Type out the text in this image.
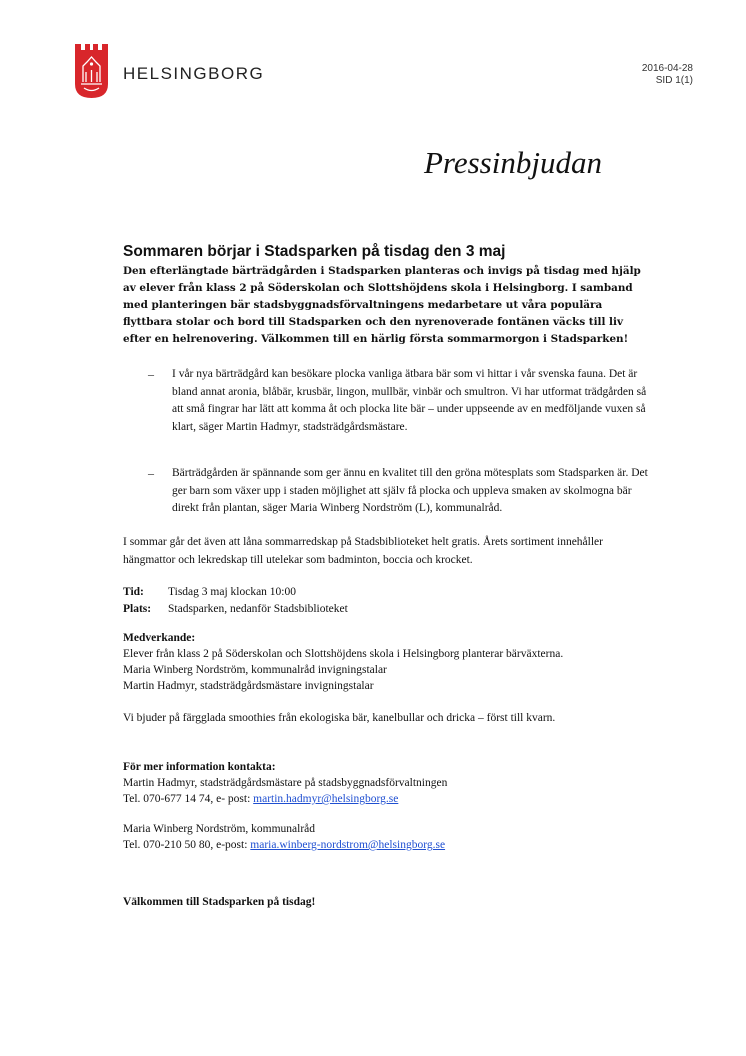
HELSINGBORG	2016-04-28
SID 1(1)
Pressinbjudan
Sommaren börjar i Stadsparken på tisdag den 3 maj
Den efterlängtade bärträdgården i Stadsparken planteras och invigs på tisdag med hjälp av elever från klass 2 på Söderskolan och Slottshöjdens skola i Helsingborg. I samband med planteringen bär stadsbyggnadsförvaltningens medarbetare ut våra populära flyttbara stolar och bord till Stadsparken och den nyrenoverade fontänen väcks till liv efter en helrenovering. Välkommen till en härlig första sommarmorgon i Stadsparken!
– I vår nya bärträdgård kan besökare plocka vanliga ätbara bär som vi hittar i vår svenska fauna. Det är bland annat aronia, blåbär, krusbär, lingon, mullbär, vinbär och smultron. Vi har utformat trädgården så att små fingrar har lätt att komma åt och plocka lite bär – under uppseende av en medföljande vuxen så klart, säger Martin Hadmyr, stadsträdgårdsmästare.
– Bärträdgården är spännande som ger ännu en kvalitet till den gröna mötesplats som Stadsparken är. Det ger barn som växer upp i staden möjlighet att själv få plocka och uppleva smaken av skolmogna bär direkt från plantan, säger Maria Winberg Nordström (L), kommunalråd.
I sommar går det även att låna sommarredskap på Stadsbiblioteket helt gratis. Årets sortiment innehåller hängmattor och lekredskap till utelekar som badminton, boccia och krocket.
Tid: Tisdag 3 maj klockan 10:00
Plats: Stadsparken, nedanför Stadsbiblioteket
Medverkande:
Elever från klass 2 på Söderskolan och Slottshöjdens skola i Helsingborg planterar bärväxterna.
Maria Winberg Nordström, kommunalråd invigningstalar
Martin Hadmyr, stadsträdgårdsmästare invigningstalar
Vi bjuder på färgglada smoothies från ekologiska bär, kanelbullar och dricka – först till kvarn.
För mer information kontakta:
Martin Hadmyr, stadsträdgårdsmästare på stadsbyggnadsförvaltningen
Tel. 070-677 14 74, e- post: martin.hadmyr@helsingborg.se
Maria Winberg Nordström, kommunalråd
Tel. 070-210 50 80, e-post: maria.winberg-nordstrom@helsingborg.se
Välkommen till Stadsparken på tisdag!
